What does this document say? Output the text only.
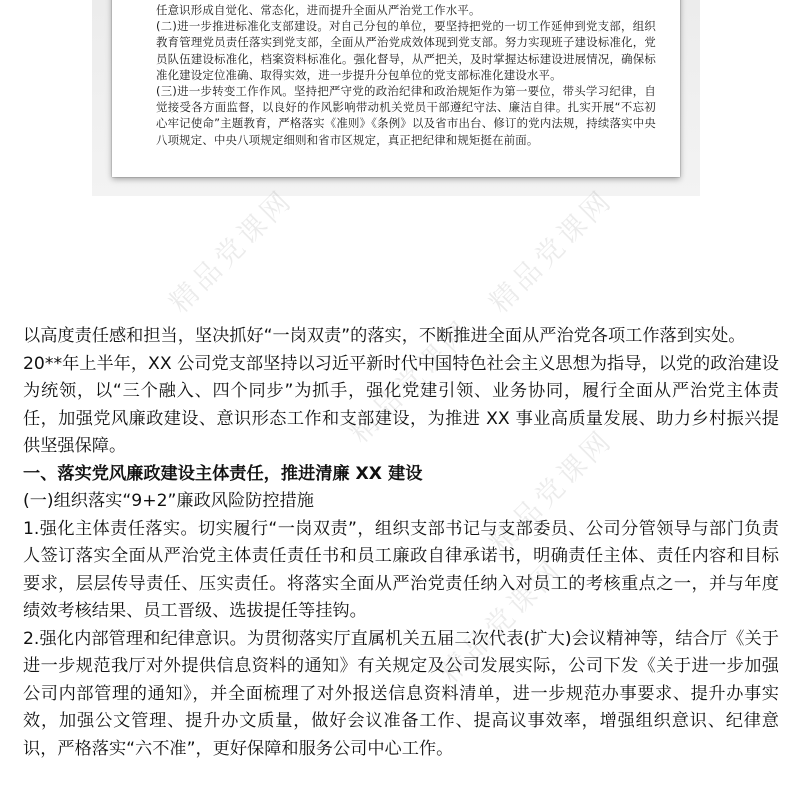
任意识形成自觉化、常态化，进而提升全面从严治党工作水平。

(二)进一步推进标准化支部建设。对自己分包的单位，要坚持把党的一切工作延伸到党支部，组织教育管理党员责任落实到党支部，全面从严治党成效体现到党支部。努力实现班子建设标准化，党员队伍建设标准化，档案资料标准化。强化督导，从严把关，及时掌握达标建设进展情况，确保标准化建设定位准确、取得实效，进一步提升分包单位的党支部标准化建设水平。

(三)进一步转变工作作风。坚持把严守党的政治纪律和政治规矩作为第一要位，带头学习纪律，自觉接受各方面监督，以良好的作风影响带动机关党员干部遵纪守法、廉洁自律。扎实开展“不忘初心牢记使命”主题教育，严格落实《准则》《条例》以及省市出台、修订的党内法规，持续落实中央八项规定、中央八项规定细则和省市区规定，真正把纪律和规矩挺在前面。

精品党课网	精品党课网
精品党课网
精品党课网
精品党课网

以高度责任感和担当，坚决抓好“一岗双责”的落实，不断推进全面从严治党各项工作落到实处。

20**年上半年，XX 公司党支部坚持以习近平新时代中国特色社会主义思想为指导，以党的政治建设为统领，以“三个融入、四个同步”为抓手，强化党建引领、业务协同，履行全面从严治党主体责任，加强党风廉政建设、意识形态工作和支部建设，为推进 XX 事业高质量发展、助力乡村振兴提供坚强保障。

一、落实党风廉政建设主体责任，推进清廉 XX 建设

(一)组织落实“9+2”廉政风险防控措施

1.强化主体责任落实。切实履行“一岗双责”，组织支部书记与支部委员、公司分管领导与部门负责人签订落实全面从严治党主体责任责任书和员工廉政自律承诺书，明确责任主体、责任内容和目标要求，层层传导责任、压实责任。将落实全面从严治党责任纳入对员工的考核重点之一，并与年度绩效考核结果、员工晋级、选拔提任等挂钩。

2.强化内部管理和纪律意识。为贯彻落实厅直属机关五届二次代表(扩大)会议精神等，结合厅《关于进一步规范我厅对外提供信息资料的通知》有关规定及公司发展实际，公司下发《关于进一步加强公司内部管理的通知》，并全面梳理了对外报送信息资料清单，进一步规范办事要求、提升办事实效，加强公文管理、提升办文质量，做好会议准备工作、提高议事效率，增强组织意识、纪律意识，严格落实“六不准”，更好保障和服务公司中心工作。
